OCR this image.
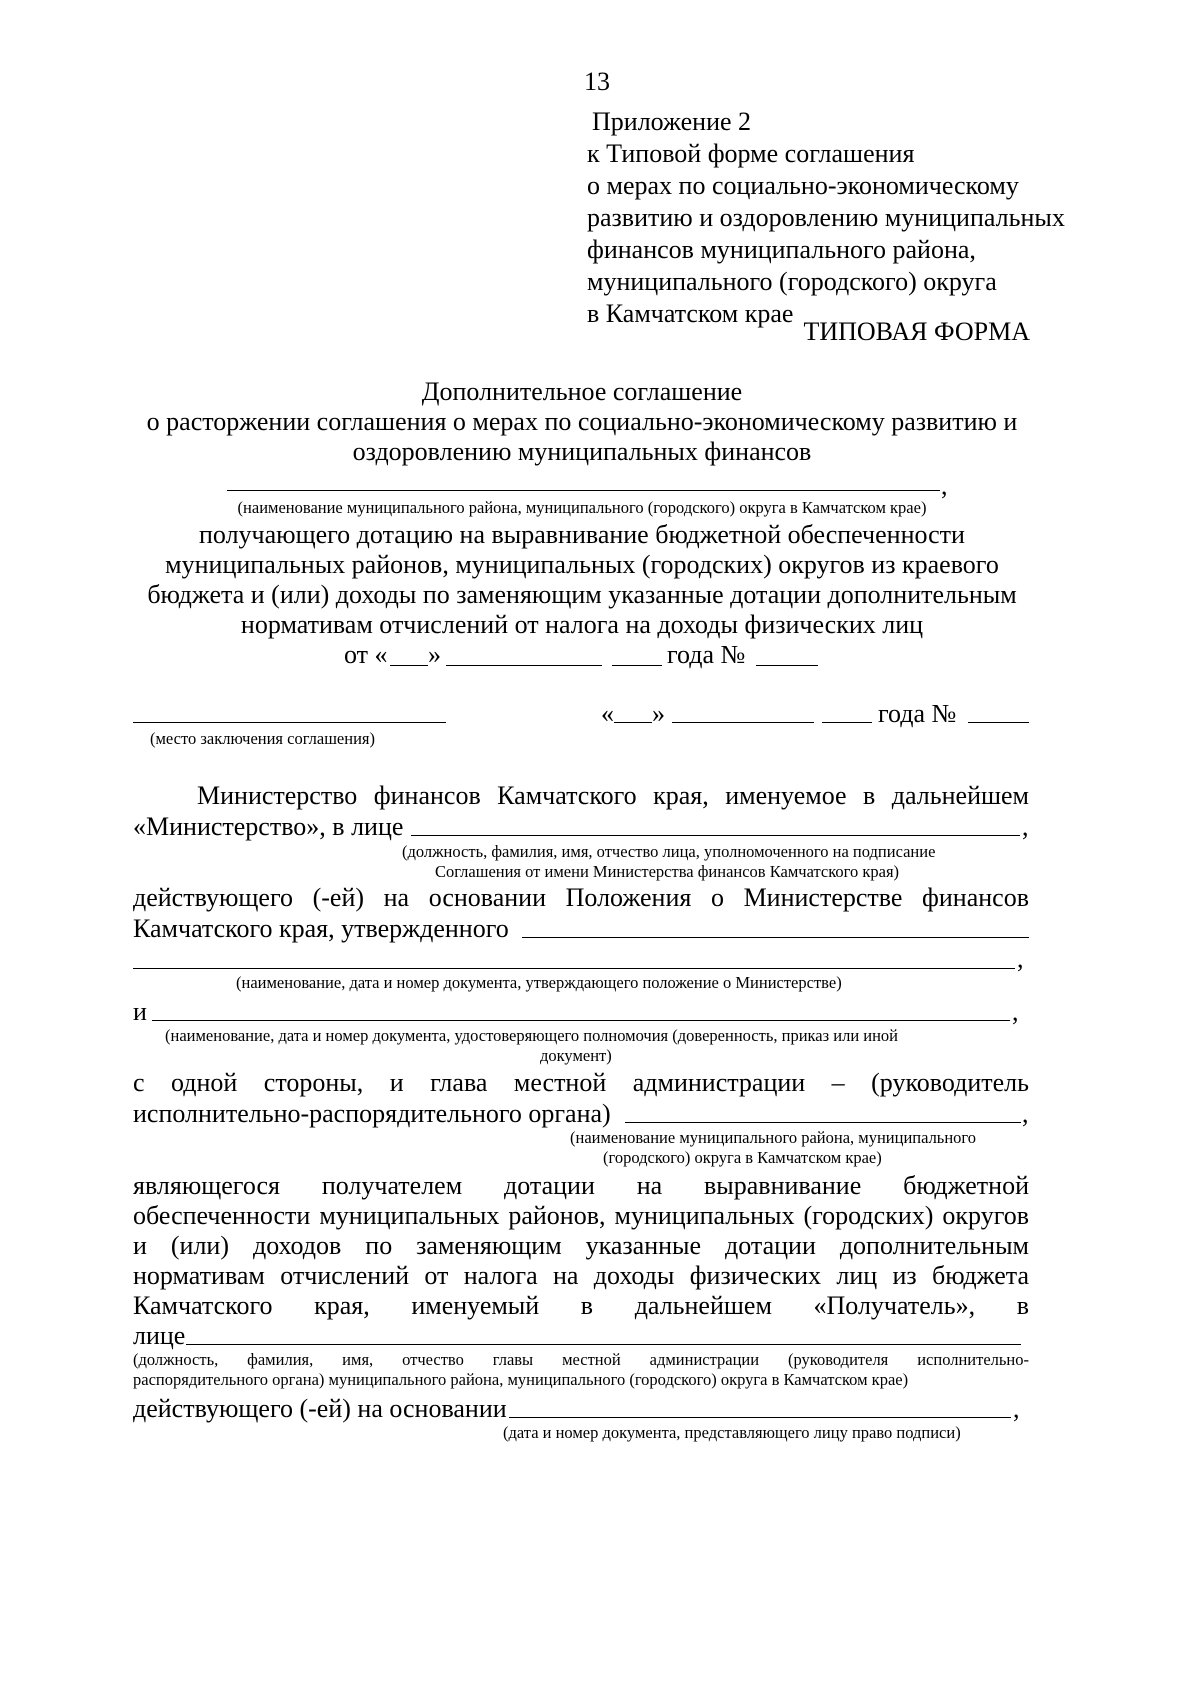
13
Приложение 2
к Типовой форме соглашения
о мерах по социально-экономическому
развитию и оздоровлению муниципальных
финансов муниципального района,
муниципального (городского) округа
в Камчатском крае
ТИПОВАЯ ФОРМА
Дополнительное соглашение
о расторжении соглашения о мерах по социально-экономическому развитию и
оздоровлению муниципальных финансов
,
(наименование муниципального района, муниципального (городского) округа в Камчатском крае)
получающего дотацию на выравнивание бюджетной обеспеченности
муниципальных районов, муниципальных (городских) округов из краевого
бюджета и (или) доходы по заменяющим указанные дотации дополнительным
нормативам отчислений от налога на доходы физических лиц
от « »	года №
(место заключения соглашения)
« »	года №
Министерство финансов Камчатского края, именуемое в дальнейшем
«Министерство», в лице	,
(должность, фамилия, имя, отчество лица, уполномоченного на подписание
Соглашения от имени Министерства финансов Камчатского края)
действующего (-ей) на основании Положения о Министерстве финансов
Камчатского края, утвержденного
,
(наименование, дата и номер документа, утверждающего положение о Министерстве)
и	,
(наименование, дата и номер документа, удостоверяющего полномочия (доверенность, приказ или иной
документ)
с одной стороны, и глава местной администрации – (руководитель
исполнительно-распорядительного органа)	,
(наименование муниципального района, муниципального
(городского) округа в Камчатском крае)
являющегося получателем дотации на выравнивание бюджетной
обеспеченности муниципальных районов, муниципальных (городских) округов
и (или) доходов по заменяющим указанные дотации дополнительным
нормативам отчислений от налога на доходы физических лиц из бюджета
Камчатского края, именуемый в дальнейшем «Получатель», в
лице
(должность, фамилия, имя, отчество главы местной администрации (руководителя исполнительно-
распорядительного органа) муниципального района, муниципального (городского) округа в Камчатском крае)
действующего (-ей) на основании	,
(дата и номер документа, представляющего лицу право подписи)
